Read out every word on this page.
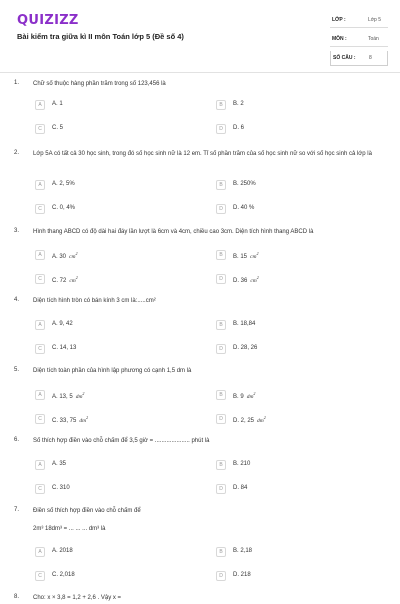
QUIZIZZ
Bài kiểm tra giữa kì II môn Toán lớp 5 (Đề số 4)
LỚP :	Lớp 5
MÔN :	Toán
SỐ CÂU :	8
1. Chữ số thuộc hàng phần trăm trong số 123,456 là
A	A. 1	B	B. 2
C	C. 5	D	D. 6
2. Lớp 5A có tất cả 30 học sinh, trong đó số học sinh nữ là 12 em. Tỉ số phần trăm của số học sinh nữ so với số học sinh cả lớp là
A	A. 2, 5%	B	B. 250%
C	C. 0, 4%	D	D. 40 %
3. Hình thang ABCD có độ dài hai đáy lần lượt là 6cm và 4cm, chiều cao 3cm. Diện tích hình thang ABCD là
A	A. 30 $cm^2$	B	B. 15 $cm^2$
C	C. 72 $cm^2$	D	D. 36 $cm^2$
4. Diện tích hình tròn có bán kính 3 cm là:.....cm²
A	A. 9, 42	B	B. 18,84
C	C. 14, 13	D	D. 28, 26
5. Diện tích toàn phần của hình lập phương có cạnh 1,5 dm là
A	A. 13, 5 $dm^2$	B	B. 9 $dm^2$
C	C. 33, 75 $dm^2$	D	D. 2, 25 $dm^2$
6. Số thích hợp điền vào chỗ chấm để 3,5 giờ = ..................... phút là
A	A. 35	B	B. 210
C	C. 310	D	D. 84
7. Điền số thích hợp điền vào chỗ chấm để
2m³ 18dm³ = ... ... ... dm³ là
A	A. 2018	B	B. 2,18
C	C. 2,018	D	D. 218
8. Cho: x × 3,8 = 1,2 + 2,6 . Vậy x =
